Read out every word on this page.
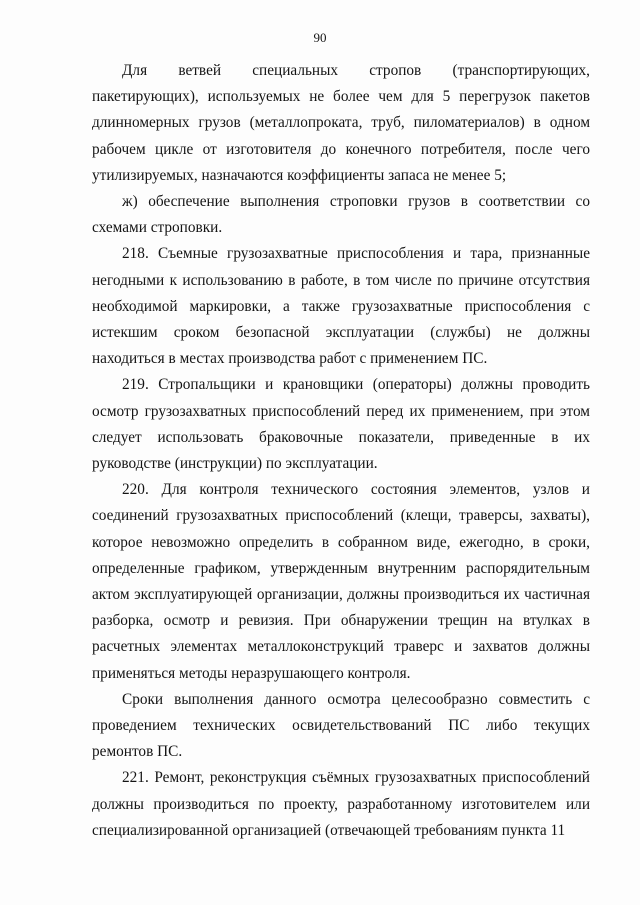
90

Для ветвей специальных стропов (транспортирующих, пакетирующих), используемых не более чем для 5 перегрузок пакетов длинномерных грузов (металлопроката, труб, пиломатериалов) в одном рабочем цикле от изготовителя до конечного потребителя, после чего утилизируемых, назначаются коэффициенты запаса не менее 5;

ж) обеспечение выполнения строповки грузов в соответствии со схемами строповки.

218. Съемные грузозахватные приспособления и тара, признанные негодными к использованию в работе, в том числе по причине отсутствия необходимой маркировки, а также грузозахватные приспособления с истекшим сроком безопасной эксплуатации (службы) не должны находиться в местах производства работ с применением ПС.

219. Стропальщики и крановщики (операторы) должны проводить осмотр грузозахватных приспособлений перед их применением, при этом следует использовать браковочные показатели, приведенные в их руководстве (инструкции) по эксплуатации.

220. Для контроля технического состояния элементов, узлов и соединений грузозахватных приспособлений (клещи, траверсы, захваты), которое невозможно определить в собранном виде, ежегодно, в сроки, определенные графиком, утвержденным внутренним распорядительным актом эксплуатирующей организации, должны производиться их частичная разборка, осмотр и ревизия. При обнаружении трещин на втулках в расчетных элементах металлоконструкций траверс и захватов должны применяться методы неразрушающего контроля.

Сроки выполнения данного осмотра целесообразно совместить с проведением технических освидетельствований ПС либо текущих ремонтов ПС.

221. Ремонт, реконструкция съёмных грузозахватных приспособлений должны производиться по проекту, разработанному изготовителем или специализированной организацией (отвечающей требованиям пункта 11
